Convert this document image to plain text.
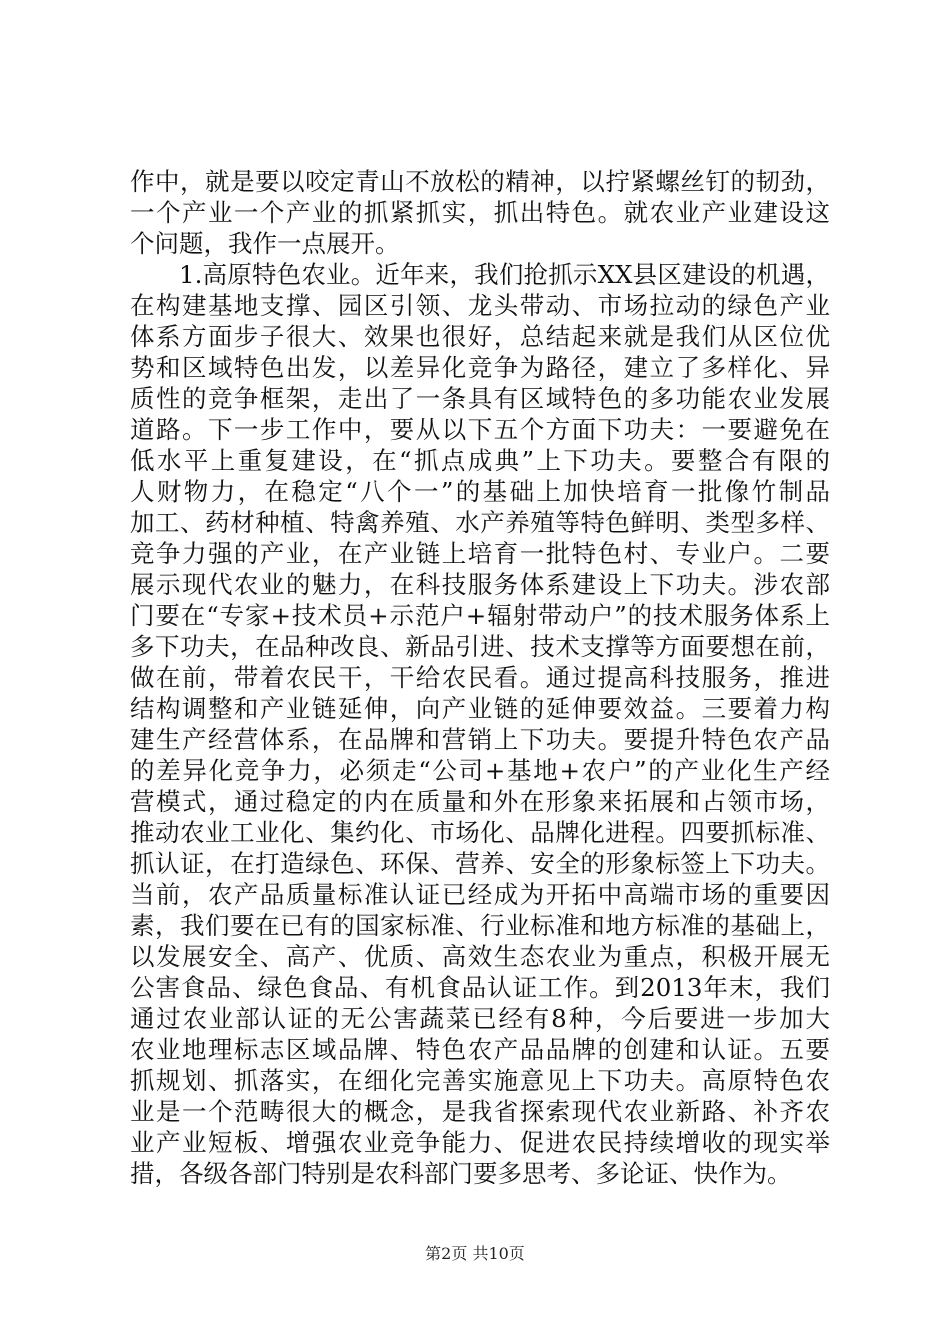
作中，就是要以咬定青山不放松的精神，以拧紧螺丝钉的韧劲，
一个产业一个产业的抓紧抓实，抓出特色。就农业产业建设这
个问题，我作一点展开。
1.高原特色农业。近年来，我们抢抓示XX县区建设的机遇，
在构建基地支撑、园区引领、龙头带动、市场拉动的绿色产业
体系方面步子很大、效果也很好，总结起来就是我们从区位优
势和区域特色出发，以差异化竞争为路径，建立了多样化、异
质性的竞争框架，走出了一条具有区域特色的多功能农业发展
道路。下一步工作中，要从以下五个方面下功夫：一要避免在
低水平上重复建设，在“抓点成典”上下功夫。要整合有限的
人财物力，在稳定“八个一”的基础上加快培育一批像竹制品
加工、药材种植、特禽养殖、水产养殖等特色鲜明、类型多样、
竞争力强的产业，在产业链上培育一批特色村、专业户。二要
展示现代农业的魅力，在科技服务体系建设上下功夫。涉农部
门要在“专家+技术员+示范户+辐射带动户”的技术服务体系上
多下功夫，在品种改良、新品引进、技术支撑等方面要想在前，
做在前，带着农民干，干给农民看。通过提高科技服务，推进
结构调整和产业链延伸，向产业链的延伸要效益。三要着力构
建生产经营体系，在品牌和营销上下功夫。要提升特色农产品
的差异化竞争力，必须走“公司+基地+农户”的产业化生产经
营模式，通过稳定的内在质量和外在形象来拓展和占领市场，
推动农业工业化、集约化、市场化、品牌化进程。四要抓标准、
抓认证，在打造绿色、环保、营养、安全的形象标签上下功夫。
当前，农产品质量标准认证已经成为开拓中高端市场的重要因
素，我们要在已有的国家标准、行业标准和地方标准的基础上，
以发展安全、高产、优质、高效生态农业为重点，积极开展无
公害食品、绿色食品、有机食品认证工作。到2013年末，我们
通过农业部认证的无公害蔬菜已经有8种，今后要进一步加大
农业地理标志区域品牌、特色农产品品牌的创建和认证。五要
抓规划、抓落实，在细化完善实施意见上下功夫。高原特色农
业是一个范畴很大的概念，是我省探索现代农业新路、补齐农
业产业短板、增强农业竞争能力、促进农民持续增收的现实举
措，各级各部门特别是农科部门要多思考、多论证、快作为。
第2页 共10页
